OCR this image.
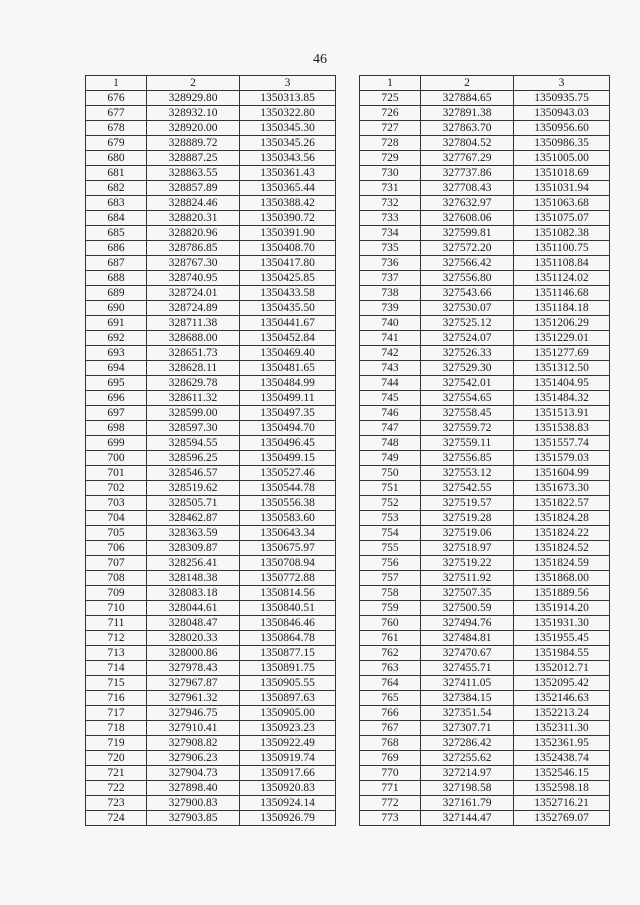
46
1	2	3
676	328929.80	1350313.85
677	328932.10	1350322.80
678	328920.00	1350345.30
679	328889.72	1350345.26
680	328887.25	1350343.56
681	328863.55	1350361.43
682	328857.89	1350365.44
683	328824.46	1350388.42
684	328820.31	1350390.72
685	328820.96	1350391.90
686	328786.85	1350408.70
687	328767.30	1350417.80
688	328740.95	1350425.85
689	328724.01	1350433.58
690	328724.89	1350435.50
691	328711.38	1350441.67
692	328688.00	1350452.84
693	328651.73	1350469.40
694	328628.11	1350481.65
695	328629.78	1350484.99
696	328611.32	1350499.11
697	328599.00	1350497.35
698	328597.30	1350494.70
699	328594.55	1350496.45
700	328596.25	1350499.15
701	328546.57	1350527.46
702	328519.62	1350544.78
703	328505.71	1350556.38
704	328462.87	1350583.60
705	328363.59	1350643.34
706	328309.87	1350675.97
707	328256.41	1350708.94
708	328148.38	1350772.88
709	328083.18	1350814.56
710	328044.61	1350840.51
711	328048.47	1350846.46
712	328020.33	1350864.78
713	328000.86	1350877.15
714	327978.43	1350891.75
715	327967.87	1350905.55
716	327961.32	1350897.63
717	327946.75	1350905.00
718	327910.41	1350923.23
719	327908.82	1350922.49
720	327906.23	1350919.74
721	327904.73	1350917.66
722	327898.40	1350920.83
723	327900.83	1350924.14
724	327903.85	1350926.79
1	2	3
725	327884.65	1350935.75
726	327891.38	1350943.03
727	327863.70	1350956.60
728	327804.52	1350986.35
729	327767.29	1351005.00
730	327737.86	1351018.69
731	327708.43	1351031.94
732	327632.97	1351063.68
733	327608.06	1351075.07
734	327599.81	1351082.38
735	327572.20	1351100.75
736	327566.42	1351108.84
737	327556.80	1351124.02
738	327543.66	1351146.68
739	327530.07	1351184.18
740	327525.12	1351206.29
741	327524.07	1351229.01
742	327526.33	1351277.69
743	327529.30	1351312.50
744	327542.01	1351404.95
745	327554.65	1351484.32
746	327558.45	1351513.91
747	327559.72	1351538.83
748	327559.11	1351557.74
749	327556.85	1351579.03
750	327553.12	1351604.99
751	327542.55	1351673.30
752	327519.57	1351822.57
753	327519.28	1351824.28
754	327519.06	1351824.22
755	327518.97	1351824.52
756	327519.22	1351824.59
757	327511.92	1351868.00
758	327507.35	1351889.56
759	327500.59	1351914.20
760	327494.76	1351931.30
761	327484.81	1351955.45
762	327470.67	1351984.55
763	327455.71	1352012.71
764	327411.05	1352095.42
765	327384.15	1352146.63
766	327351.54	1352213.24
767	327307.71	1352311.30
768	327286.42	1352361.95
769	327255.62	1352438.74
770	327214.97	1352546.15
771	327198.58	1352598.18
772	327161.79	1352716.21
773	327144.47	1352769.07
